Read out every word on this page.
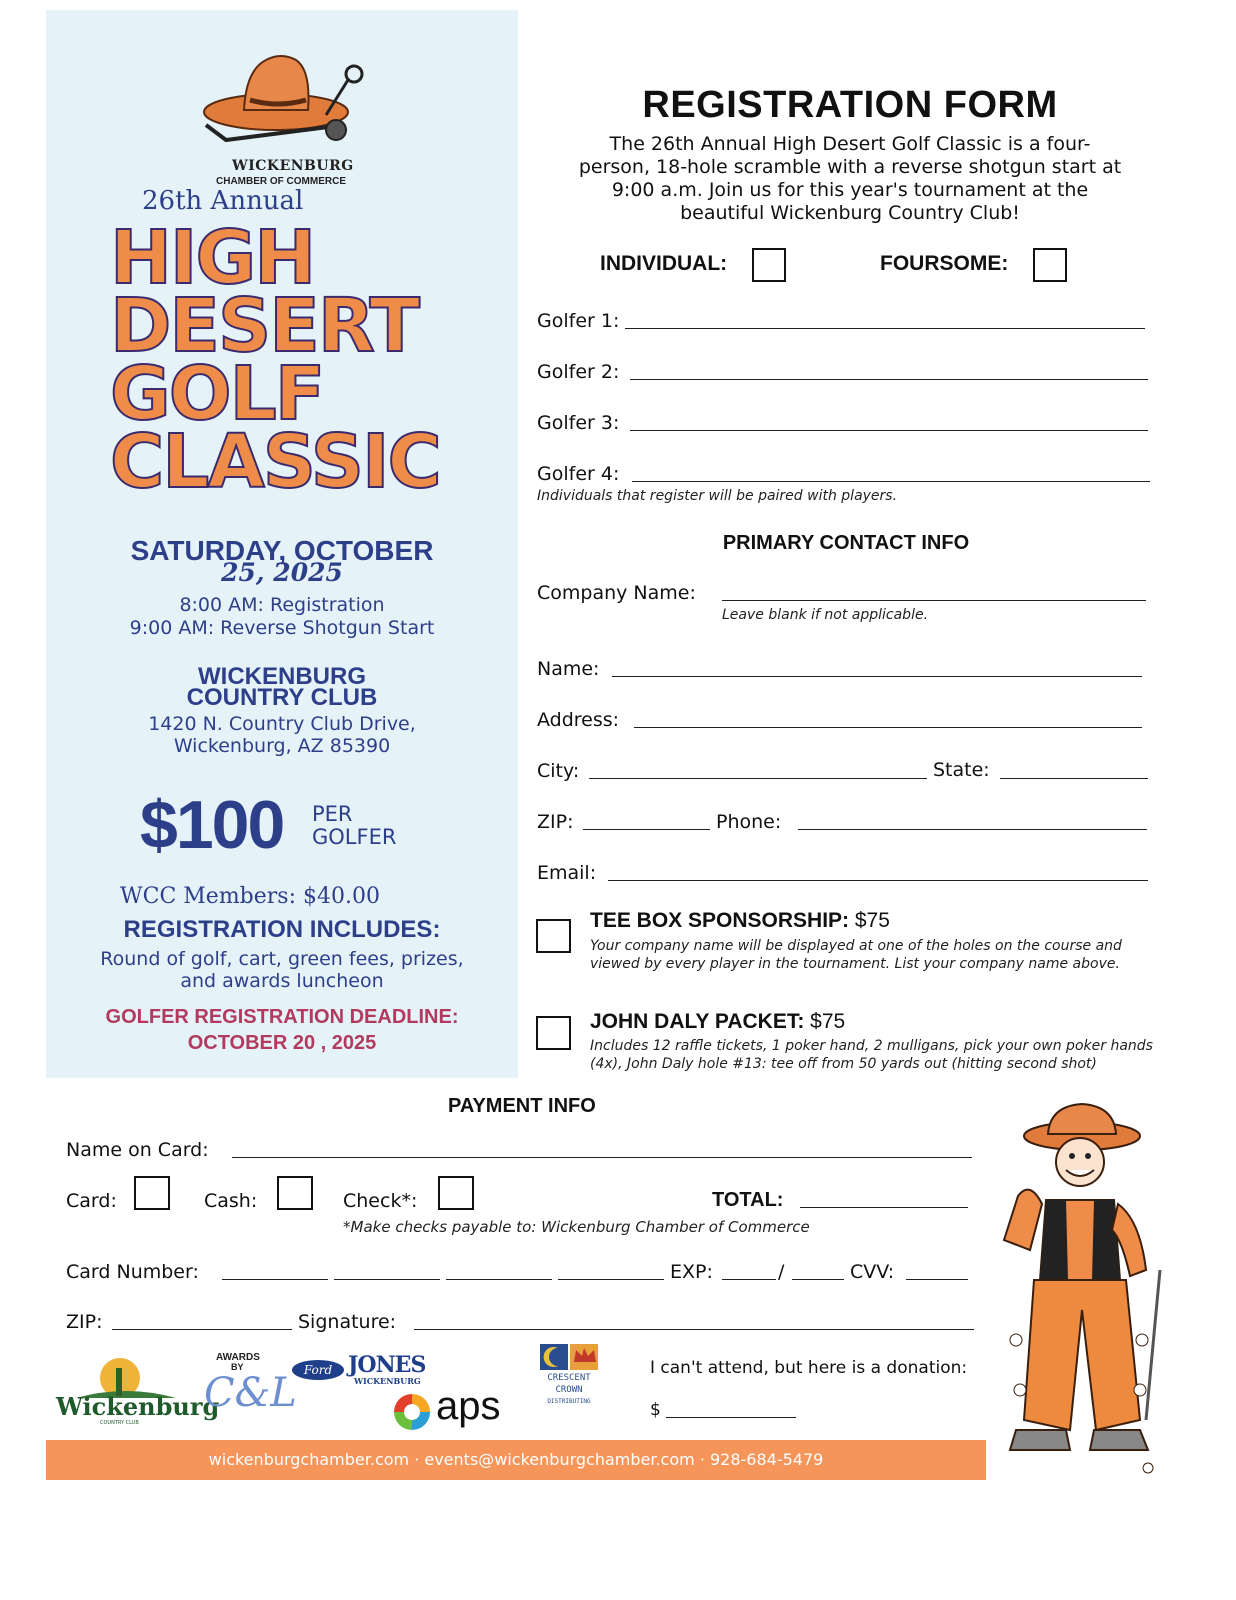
WICKENBURG
CHAMBER OF COMMERCE
26th Annual
HIGH
DESERT
GOLF
CLASSIC
SATURDAY, OCTOBER
25, 2025
8:00 AM: Registration
9:00 AM: Reverse Shotgun Start
WICKENBURG
COUNTRY CLUB
1420 N. Country Club Drive,
Wickenburg, AZ 85390
$100 PER
GOLFER
WCC Members: $40.00
REGISTRATION INCLUDES:
Round of golf, cart, green fees, prizes,
and awards luncheon
GOLFER REGISTRATION DEADLINE:
OCTOBER 20 , 2025
REGISTRATION FORM
The 26th Annual High Desert Golf Classic is a four-
person, 18-hole scramble with a reverse shotgun start at
9:00 a.m. Join us for this year's tournament at the
beautiful Wickenburg Country Club!
INDIVIDUAL:	FOURSOME:
Golfer 1:
Golfer 2:
Golfer 3:
Golfer 4:
Individuals that register will be paired with players.
PRIMARY CONTACT INFO
Company Name:
Leave blank if not applicable.
Name:
Address:
City:	State:
ZIP:	Phone:
Email:
TEE BOX SPONSORSHIP: $75
Your company name will be displayed at one of the holes on the course and viewed by every player in the tournament. List your company name above.
JOHN DALY PACKET: $75
Includes 12 raffle tickets, 1 poker hand, 2 mulligans, pick your own poker hands (4x), John Daly hole #13: tee off from 50 yards out (hitting second shot)
PAYMENT INFO
Name on Card:
Card:	Cash:	Check*:	TOTAL:
*Make checks payable to: Wickenburg Chamber of Commerce
Card Number:	EXP:	/	CVV:
ZIP:	Signature:
I can't attend, but here is a donation:
$
Wickenburg
COUNTRY CLUB
AWARDS
BY
C&L Ford JONES
WICKENBURG
aps
CRESCENT
CROWN
DISTRIBUTING
wickenburgchamber.com · events@wickenburgchamber.com · 928-684-5479
